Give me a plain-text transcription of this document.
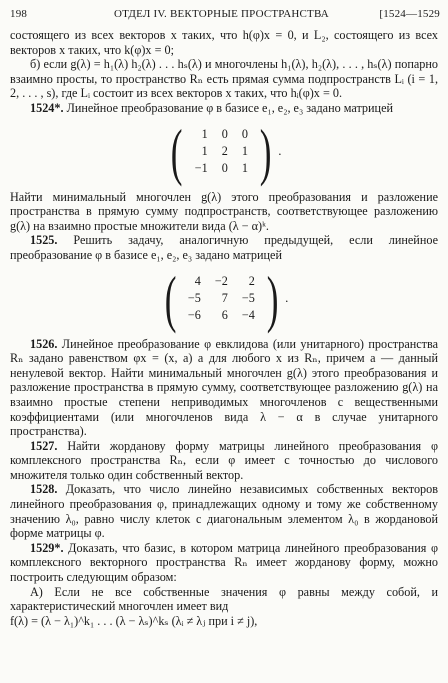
198	ОТДЕЛ IV. ВЕКТОРНЫЕ ПРОСТРАНСТВА	[1524—1529

состоящего из всех векторов x таких, что h(φ)x = 0, и L₂, состоящего из всех векторов x таких, что k(φ)x = 0;

б) если g(λ) = h₁(λ) h₂(λ) . . . hₛ(λ) и многочлены h₁(λ), h₂(λ), . . . , hₛ(λ) попарно взаимно просты, то пространство Rₙ есть прямая сумма подпространств Lᵢ (i = 1, 2, . . . , s), где Lᵢ состоит из всех векторов x таких, что hᵢ(φ)x = 0.

1524*. Линейное преобразование φ в базисе e₁, e₂, e₃ задано матрицей

( 1	0	0
1	2	1
−1	0	1 ) .

Найти минимальный многочлен g(λ) этого преобразования и разложение пространства в прямую сумму подпространств, соответствующее разложению g(λ) на взаимно простые множители вида (λ − α)ᵏ.

1525. Решить задачу, аналогичную предыдущей, если линейное преобразование φ в базисе e₁, e₂, e₃ задано матрицей

( 4	−2	2
−5	7	−5
−6	6	−4 ) .

1526. Линейное преобразование φ евклидова (или унитарного) пространства Rₙ задано равенством φx = (x, a) a для любого x из Rₙ, причем a — данный ненулевой вектор. Найти минимальный многочлен g(λ) этого преобразования и разложение пространства в прямую сумму, соответствующее разложению g(λ) на взаимно простые степени неприводимых многочленов с вещественными коэффициентами (или многочленов вида λ − α в случае унитарного пространства).

1527. Найти жорданову форму матрицы линейного преобразования φ комплексного пространства Rₙ, если φ имеет с точностью до числового множителя только один собственный вектор.

1528. Доказать, что число линейно независимых собственных векторов линейного преобразования φ, принадлежащих одному и тому же собственному значению λ₀, равно числу клеток с диагональным элементом λ₀ в жордановой форме матрицы φ.

1529*. Доказать, что базис, в котором матрица линейного преобразования φ комплексного векторного пространства Rₙ имеет жорданову форму, можно построить следующим образом:

А) Если не все собственные значения φ равны между собой, и характеристический многочлен имеет вид

f(λ) = (λ − λ₁)^k₁ . . . (λ − λₛ)^kₛ (λᵢ ≠ λⱼ при i ≠ j),
